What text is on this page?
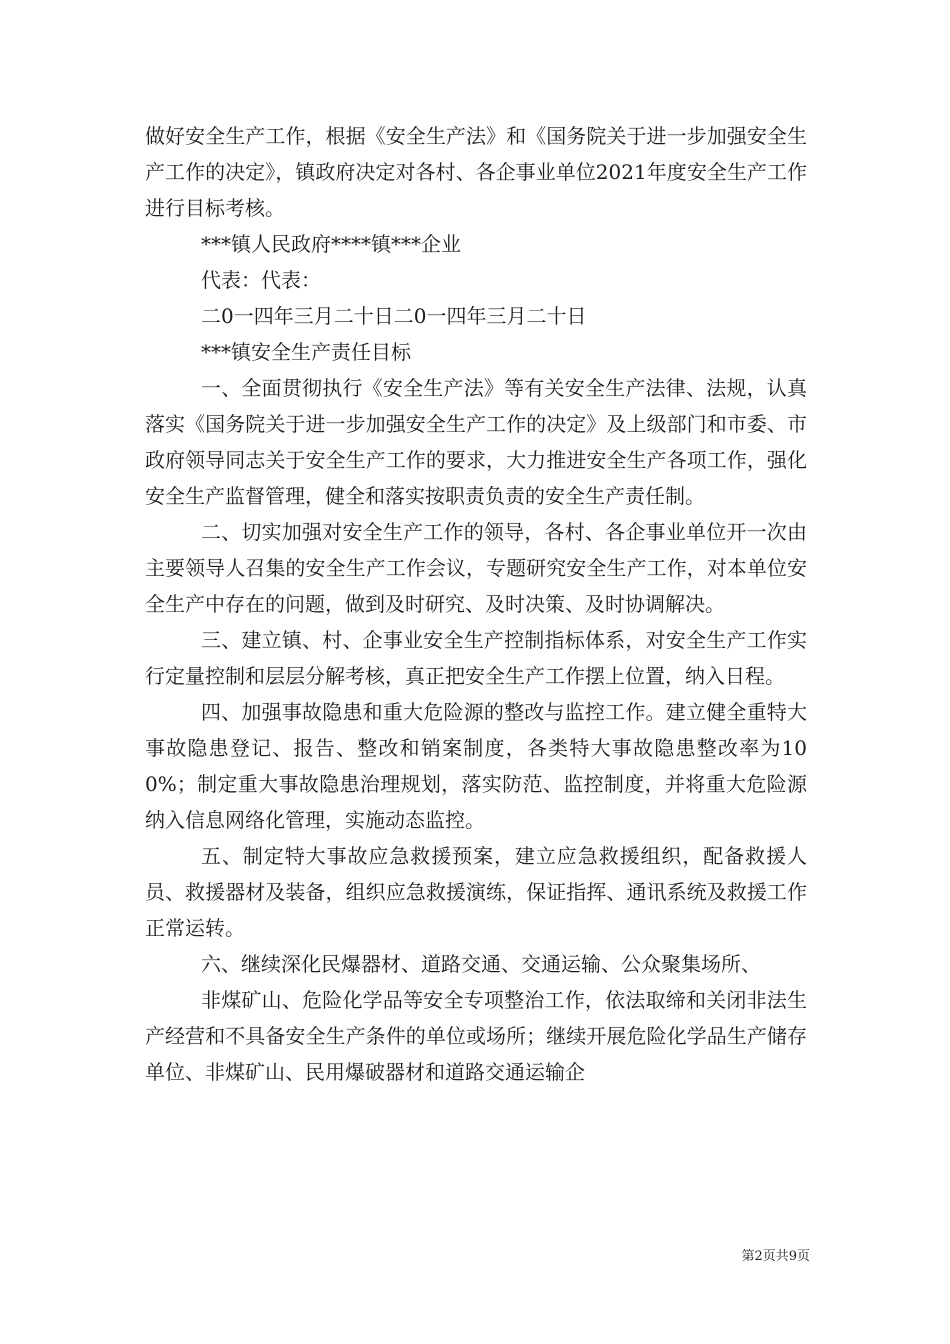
做好安全生产工作，根据《安全生产法》和《国务院关于进一步加强安全生产工作的决定》，镇政府决定对各村、各企事业单位2021年度安全生产工作进行目标考核。

***镇人民政府****镇***企业

代表：代表：

二0一四年三月二十日二0一四年三月二十日

***镇安全生产责任目标

一、全面贯彻执行《安全生产法》等有关安全生产法律、法规，认真落实《国务院关于进一步加强安全生产工作的决定》及上级部门和市委、市政府领导同志关于安全生产工作的要求，大力推进安全生产各项工作，强化安全生产监督管理，健全和落实按职责负责的安全生产责任制。

二、切实加强对安全生产工作的领导，各村、各企事业单位开一次由主要领导人召集的安全生产工作会议，专题研究安全生产工作，对本单位安全生产中存在的问题，做到及时研究、及时决策、及时协调解决。

三、建立镇、村、企事业安全生产控制指标体系，对安全生产工作实行定量控制和层层分解考核，真正把安全生产工作摆上位置，纳入日程。

四、加强事故隐患和重大危险源的整改与监控工作。建立健全重特大事故隐患登记、报告、整改和销案制度，各类特大事故隐患整改率为100%；制定重大事故隐患治理规划，落实防范、监控制度，并将重大危险源纳入信息网络化管理，实施动态监控。

五、制定特大事故应急救援预案，建立应急救援组织，配备救援人员、救援器材及装备，组织应急救援演练，保证指挥、通讯系统及救援工作正常运转。

六、继续深化民爆器材、道路交通、交通运输、公众聚集场所、

非煤矿山、危险化学品等安全专项整治工作，依法取缔和关闭非法生产经营和不具备安全生产条件的单位或场所；继续开展危险化学品生产储存单位、非煤矿山、民用爆破器材和道路交通运输企

第2页共9页
